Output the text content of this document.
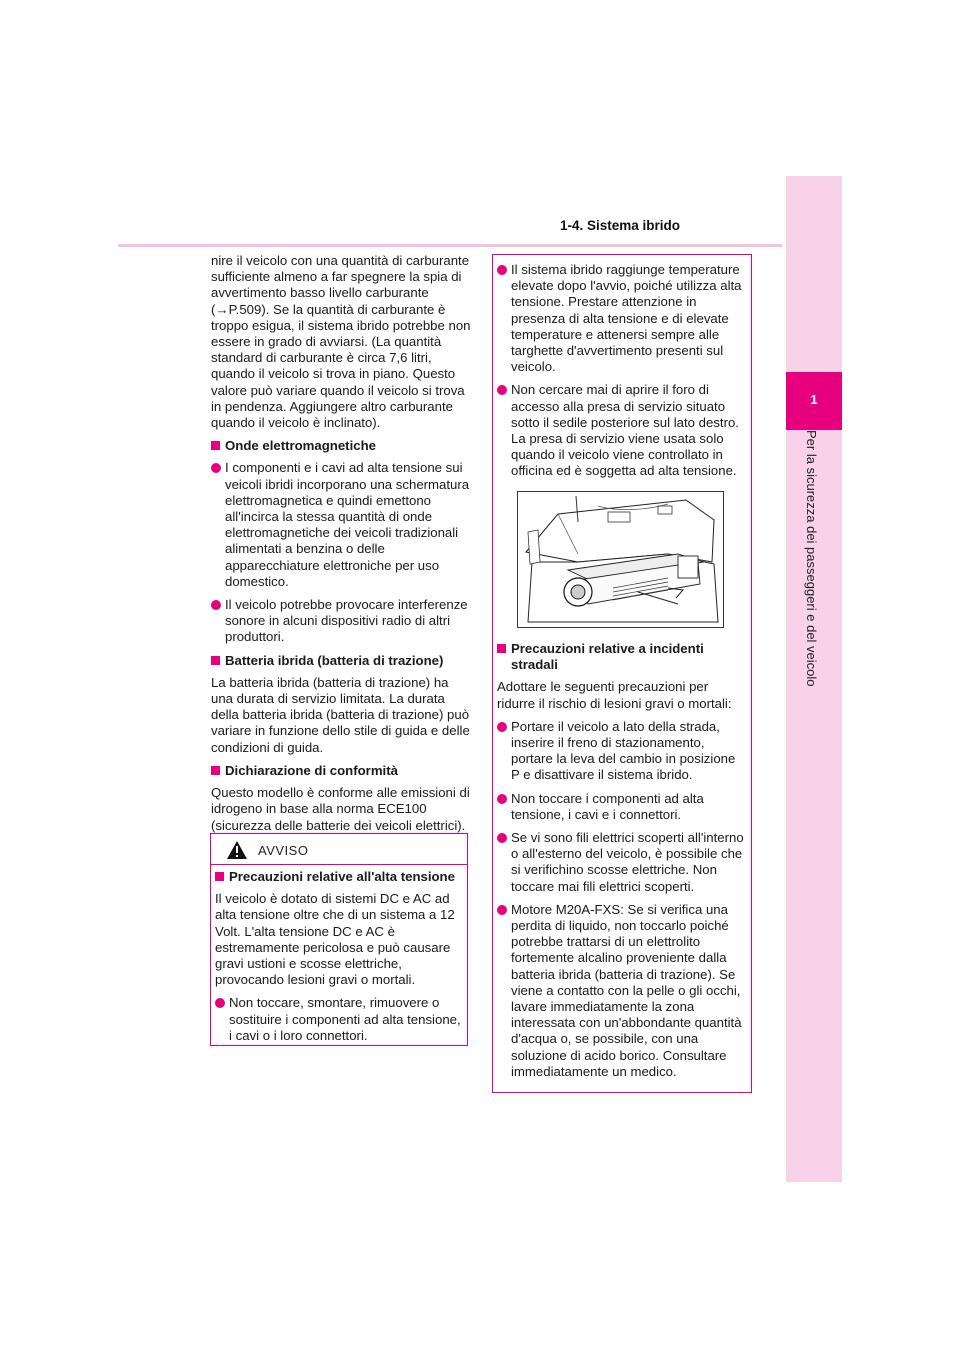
1-4. Sistema ibrido
1
Per la sicurezza dei passeggeri e del veicolo

nire il veicolo con una quantità di carburante sufficiente almeno a far spegnere la spia di avvertimento basso livello carburante (→P.509). Se la quantità di carburante è troppo esigua, il sistema ibrido potrebbe non essere in grado di avviarsi. (La quantità standard di carburante è circa 7,6 litri, quando il veicolo si trova in piano. Questo valore può variare quando il veicolo si trova in pendenza. Aggiungere altro carburante quando il veicolo è inclinato).

Onde elettromagnetiche
I componenti e i cavi ad alta tensione sui veicoli ibridi incorporano una schermatura elettromagnetica e quindi emettono all'incirca la stessa quantità di onde elettromagnetiche dei veicoli tradizionali alimentati a benzina o delle apparecchiature elettroniche per uso domestico.
Il veicolo potrebbe provocare interferenze sonore in alcuni dispositivi radio di altri produttori.
Batteria ibrida (batteria di trazione)

La batteria ibrida (batteria di trazione) ha una durata di servizio limitata. La durata della batteria ibrida (batteria di trazione) può variare in funzione dello stile di guida e delle condizioni di guida.

Dichiarazione di conformità

Questo modello è conforme alle emissioni di idrogeno in base alla norma ECE100 (sicurezza delle batterie dei veicoli elettrici).

AVVISO
Precauzioni relative all'alta tensione

Il veicolo è dotato di sistemi DC e AC ad alta tensione oltre che di un sistema a 12 Volt. L'alta tensione DC e AC è estremamente pericolosa e può causare gravi ustioni e scosse elettriche, provocando lesioni gravi o mortali.

Non toccare, smontare, rimuovere o sostituire i componenti ad alta tensione, i cavi o i loro connettori.
Il sistema ibrido raggiunge temperature elevate dopo l'avvio, poiché utilizza alta tensione. Prestare attenzione in presenza di alta tensione e di elevate temperature e attenersi sempre alle targhette d'avvertimento presenti sul veicolo.
Non cercare mai di aprire il foro di accesso alla presa di servizio situato sotto il sedile posteriore sul lato destro. La presa di servizio viene usata solo quando il veicolo viene controllato in officina ed è soggetta ad alta tensione.
Precauzioni relative a incidenti stradali

Adottare le seguenti precauzioni per ridurre il rischio di lesioni gravi o mortali:

Portare il veicolo a lato della strada, inserire il freno di stazionamento, portare la leva del cambio in posizione P e disattivare il sistema ibrido.
Non toccare i componenti ad alta tensione, i cavi e i connettori.
Se vi sono fili elettrici scoperti all'interno o all'esterno del veicolo, è possibile che si verifichino scosse elettriche. Non toccare mai fili elettrici scoperti.
Motore M20A-FXS: Se si verifica una perdita di liquido, non toccarlo poiché potrebbe trattarsi di un elettrolito fortemente alcalino proveniente dalla batteria ibrida (batteria di trazione). Se viene a contatto con la pelle o gli occhi, lavare immediatamente la zona interessata con un'abbondante quantità d'acqua o, se possibile, con una soluzione di acido borico. Consultare immediatamente un medico.
